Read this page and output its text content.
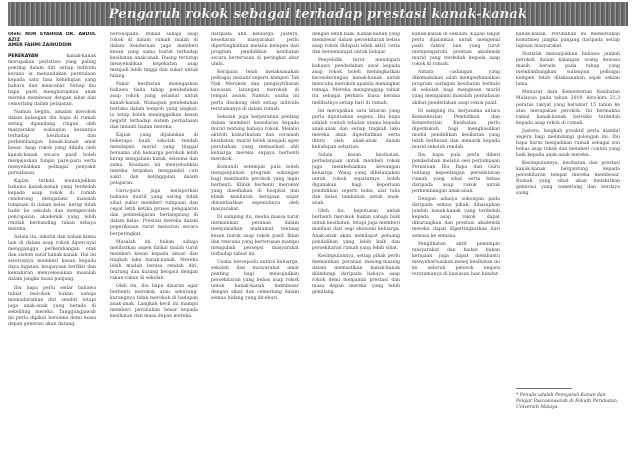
Pengaruh rokok sebagai terhadap prestasi kanak-kanak
Oleh: NOR SYAHIDA DR. ABDUL AZIZ
AMER FAHMI ZAINUDDIN

PEREKAYAN	kanak-kanak merupakan peristiwa yang paling penting dalam diri setiap individu kerana ia menandakan permulaan kepada satu fasa kehidupan yang baharu dan mencabar. Setiap ibu bapa pasti mengharapkan anak mereka membesar dengan sihat dan cemerlang dalam pelajaran.

Namun begitu, amalan merokok dalam kalangan ibu bapa di rumah sering dipandang ringan oleh masyarakat walaupun kesannya terhadap kesihatan dan perkembangan kanak-kanak amat besar. Asap rokok yang dihidu oleh kanak-kanak secara pasif boleh menjejaskan fungsi paru-paru serta menyebabkan pelbagai penyakit pernafasan.

Kajian terkini menunjukkan bahawa kanak-kanak yang terdedah kepada asap rokok di rumah cenderung mengalami masalah tumpuan di dalam kelas, kerap tidak hadir ke sekolah dan memperoleh pencapaian akademik yang lebih rendah berbanding rakan sebaya mereka.

Selain itu, nikotin dan bahan kimia lain di dalam asap rokok dipercayai mengganggu perkembangan otak dan sistem saraf kanak-kanak. Hal ini seterusnya memberi kesan kepada daya ingatan, keupayaan berfikir dan kemahiran menyelesaikan masalah dalam jangka masa panjang.

Ibu bapa perlu sedar bahawa tabiat merokok bukan sahaja memudaratkan diri sendiri tetapi juga anak-anak yang berada di sekeliling mereka. Tanggungjawab ini perlu dipikul bersama demi masa depan generasi akan datang.

berwaspada. Bukan sahaja asap rokok di dalam rumah malah di dalam kenderaan juga memberi kesan yang sama buruk terhadap kesihatan anak-anak. Ruang tertutup menyebabkan kepekatan asap menjadi lebih tinggi dan sukar untuk hilang.

Pakar kesihatan menegaskan bahawa tiada tahap pendedahan asap rokok yang selamat untuk kanak-kanak. Walaupun pendedahan berlaku dalam tempoh yang singkat, ia tetap boleh meninggalkan kesan negatif terhadap sistem pernafasan dan imuniti badan mereka.

Kajian yang dijalankan di beberapa buah sekolah rendah mendapati murid yang tinggal bersama ahli keluarga perokok lebih kerap mengalami batuk, selsema dan asma. Keadaan ini menyebabkan mereka terpaksa mengambil cuti sakit dan ketinggalan dalam pelajaran.

Guru-guru juga melaporkan bahawa murid yang sering tidak sihat sukar memberi tumpuan dan cepat letih ketika proses pengajaran dan pembelajaran berlangsung di dalam kelas. Prestasi mereka dalam peperiksaan turut menurun secara berperingkat.

Masalah ini bukan sahaja melibatkan aspek fizikal malah turut memberi kesan kepada emosi dan tingkah laku kanak-kanak. Mereka lebih mudah berasa rendah diri, murung dan kurang bergaul dengan rakan-rakan di sekolah.

Oleh itu, ibu bapa disaran agar berhenti merokok atau sekurang-kurangnya tidak merokok di hadapan anak-anak. Langkah kecil ini mampu memberi perubahan besar kepada kesihatan dan masa depan mereka.

daripada ahli keluarga. Justeru, kesedaran masyarakat perlu dipertingkatkan melalui kempen dan program pendidikan kesihatan secara berterusan di peringkat akar umbi.

Kerajaan telah melaksanakan pelbagai inisiatif seperti kempen Tak Nak Merokok dan pengisytiharan kawasan larangan merokok di tempat awam. Namun, usaha ini perlu disokong oleh setiap individu terutamanya di dalam rumah.

Sekolah juga berperanan penting dalam memberi kesedaran kepada murid tentang bahaya rokok. Melalui aktiviti kokurikulum dan ceramah kesihatan, murid boleh menjadi agen perubahan yang menasihati ahli keluarga mereka supaya berhenti merokok.

Komuniti setempat pula boleh menganjurkan program sokongan bagi membantu perokok yang ingin berhenti. Klinik berhenti merokok yang disediakan di hospital dan klinik kesihatan kerajaan wajar dimanfaatkan sepenuhnya oleh masyarakat.

Di samping itu, media massa turut memainkan peranan dalam menyebarkan maklumat tentang kesan buruk asap rokok pasif. Iklan dan rencana yang berterusan mampu mengubah persepsi masyarakat terhadap tabiat ini.

Usaha bersepadu antara keluarga, sekolah dan masyarakat amat penting bagi mewujudkan persekitaran yang bebas asap rokok untuk kanak-kanak membesar dengan sihat dan cemerlang dalam semua bidang yang diceburi.

dengan lebih baik. Kanak-kanak yang membesar dalam persekitaran bebas asap rokok didapati lebih aktif, ceria dan bersemangat untuk belajar.

Penyelidik turut mendapati bahawa pendedahan awal kepada asap rokok boleh meningkatkan kecenderungan kanak-kanak untuk mencuba merokok apabila meningkat remaja. Mereka menganggap tabiat itu sebagai perkara biasa kerana melihatnya setiap hari di rumah.

Ini merupakan satu kitaran yang perlu diputuskan segera. Ibu bapa adalah contoh teladan utama kepada anak-anak dan setiap tingkah laku mereka akan diperhatikan serta ditiru oleh anak-anak dalam kehidupan seharian.

Selain kesan kesihatan, perbelanjaan untuk membeli rokok juga membebankan kewangan keluarga. Wang yang dibelanjakan untuk rokok sepatutnya boleh digunakan bagi keperluan pendidikan seperti buku, alat tulis dan kelas tambahan untuk anak-anak.

Oleh itu, keputusan untuk berhenti merokok bukan sahaja baik untuk kesihatan, tetapi juga memberi manfaat dari segi ekonomi keluarga. Anak-anak akan mendapat peluang pendidikan yang lebih baik dan persekitaran rumah yang lebih sihat.

Kesimpulannya, setiap pihak perlu memainkan peranan masing-masing dalam memastikan kanak-kanak dilindungi daripada bahaya asap rokok demi menjamin prestasi dan masa depan mereka yang lebih gemilang.

kanak-kanak di sekolah. Kajian lanjut perlu dijalankan untuk mengenal pasti faktor lain yang turut mempengaruhi prestasi akademik murid yang terdedah kepada asap rokok di rumah.

Antara cadangan yang dikemukakan ialah memperkenalkan program saringan kesihatan berkala di sekolah bagi mengesan murid yang mengalami masalah pernafasan akibat pendedahan asap rokok pasif.

Di samping itu, kerjasama antara Kementerian Pendidikan dan Kementerian Kesihatan perlu diperkukuh bagi menghasilkan modul pendidikan kesihatan yang lebih berkesan dan menarik kepada murid sekolah rendah.

Ibu bapa pula perlu diberi pendedahan melalui sesi perjumpaan Persatuan Ibu Bapa dan Guru tentang kepentingan persekitaran rumah yang sihat serta bebas daripada asap rokok untuk perkembangan anak-anak.

Dengan adanya sokongan padu daripada semua pihak, diharapkan jumlah kanak-kanak yang terdedah kepada asap rokok dapat dikurangkan dan prestasi akademik mereka dapat dipertingkatkan dari semasa ke semasa.

Penglibatan aktif pemimpin masyarakat dan badan bukan kerajaan juga dapat membantu menyebarluaskan mesej kesihatan ini ke seluruh pelosok negara terutamanya di kawasan luar bandar.

kanak-kanak. Perubahan ini memerlukan komitmen jangka panjang daripada setiap lapisan masyarakat.

Statistik menunjukkan bahawa jumlah perokok dalam kalangan orang dewasa masih berada pada tahap yang membimbangkan walaupun pelbagai kempen telah dilaksanakan sejak sekian lama.

Menurut data Kementerian Kesihatan Malaysia pada tahun 2019, kira-kira 21.3 peratus rakyat yang berumur 15 tahun ke atas merupakan perokok. Ini bermakna ramai kanak-kanak berisiko terdedah kepada asap rokok di rumah.

Justeru, langkah proaktif perlu diambil segera bagi melindungi golongan ini. Ibu bapa harus menjadikan rumah sebagai zon bebas asap rokok dan memberi contoh yang baik kepada anak-anak mereka.

Kesimpulannya, kesihatan dan prestasi kanak-kanak bergantung kepada persekitaran tempat mereka membesar. Rumah yang sihat akan melahirkan generasi yang cemerlang dan berdaya saing.

* Penulis adalah Pensyarah Kanan dan Pelajar Pascasiswazah di Fakulti Perubatan, Universiti Malaya.
